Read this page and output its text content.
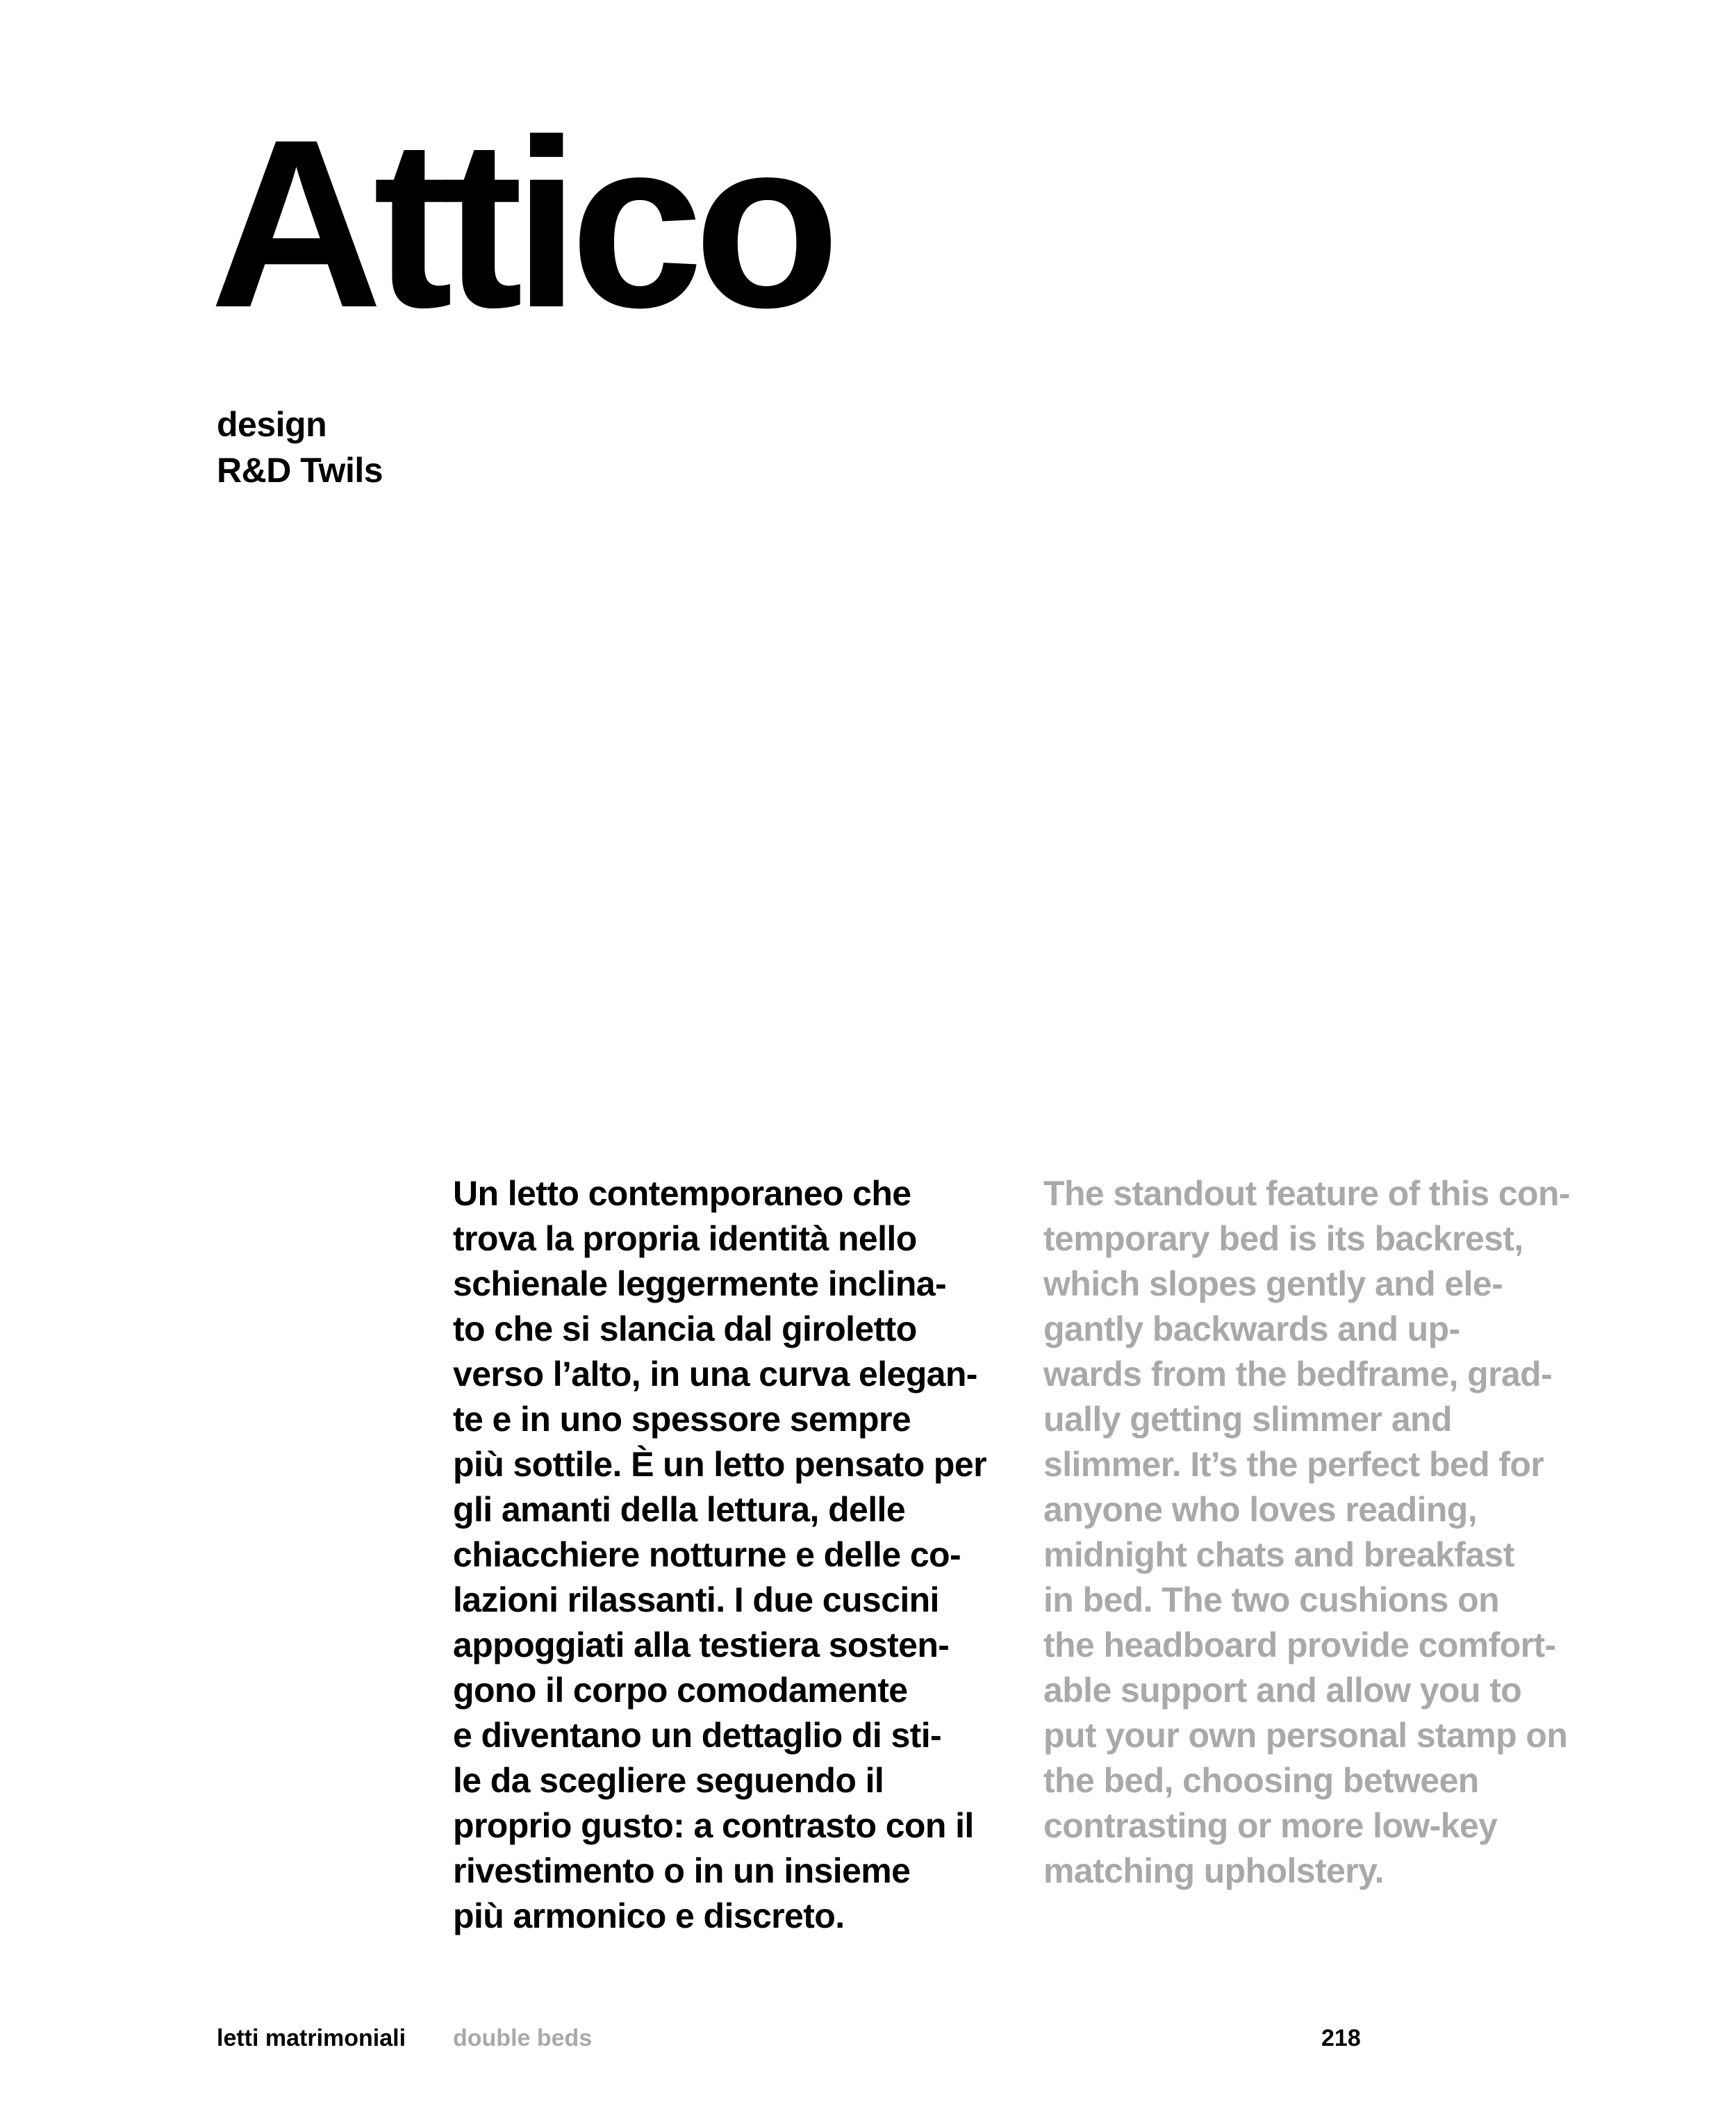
Attico
design
R&D Twils
Un letto contemporaneo che
trova la propria identità nello
schienale leggermente inclina-
to che si slancia dal giroletto
verso l’alto, in una curva elegan-
te e in uno spessore sempre
più sottile. È un letto pensato per
gli amanti della lettura, delle
chiacchiere notturne e delle co-
lazioni rilassanti. I due cuscini
appoggiati alla testiera sosten-
gono il corpo comodamente
e diventano un dettaglio di sti-
le da scegliere seguendo il
proprio gusto: a contrasto con il
rivestimento o in un insieme
più armonico e discreto.
The standout feature of this con-
temporary bed is its backrest,
which slopes gently and ele-
gantly backwards and up-
wards from the bedframe, grad-
ually getting slimmer and
slimmer. It’s the perfect bed for
anyone who loves reading,
midnight chats and breakfast
in bed. The two cushions on
the headboard provide comfort-
able support and allow you to
put your own personal stamp on
the bed, choosing between
contrasting or more low-key
matching upholstery.
letti matrimoniali double beds	218
